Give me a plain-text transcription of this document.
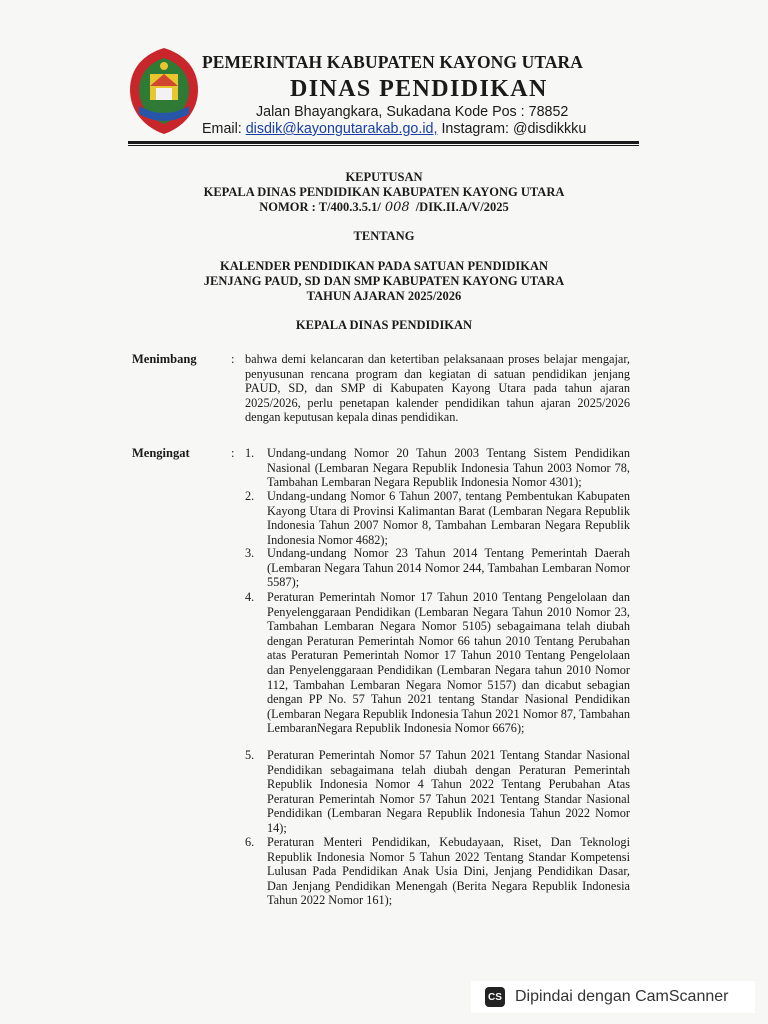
PEMERINTAH KABUPATEN KAYONG UTARA
DINAS PENDIDIKAN
Jalan Bhayangkara, Sukadana Kode Pos : 78852
Email: disdik@kayongutarakab.go.id, Instagram: @disdikkku
KEPUTUSAN
KEPALA DINAS PENDIDIKAN KABUPATEN KAYONG UTARA
NOMOR : T/400.3.5.1/ 008 /DIK.II.A/V/2025
TENTANG
KALENDER PENDIDIKAN PADA SATUAN PENDIDIKAN
JENJANG PAUD, SD DAN SMP KABUPATEN KAYONG UTARA
TAHUN AJARAN 2025/2026
KEPALA DINAS PENDIDIKAN
Menimbang	: bahwa demi kelancaran dan ketertiban pelaksanaan proses belajar mengajar, penyusunan rencana program dan kegiatan di satuan pendidikan jenjang PAUD, SD, dan SMP di Kabupaten Kayong Utara pada tahun ajaran 2025/2026, perlu penetapan kalender pendidikan tahun ajaran 2025/2026 dengan keputusan kepala dinas pendidikan.
Mengingat	: 1.	Undang-undang Nomor 20 Tahun 2003 Tentang Sistem Pendidikan Nasional (Lembaran Negara Republik Indonesia Tahun 2003 Nomor 78, Tambahan Lembaran Negara Republik Indonesia Nomor 4301);
2.	Undang-undang Nomor 6 Tahun 2007, tentang Pembentukan Kabupaten Kayong Utara di Provinsi Kalimantan Barat (Lembaran Negara Republik Indonesia Tahun 2007 Nomor 8, Tambahan Lembaran Negara Republik Indonesia Nomor 4682);
3.	Undang-undang Nomor 23 Tahun 2014 Tentang Pemerintah Daerah (Lembaran Negara Tahun 2014 Nomor 244, Tambahan Lembaran Nomor 5587);
4.	Peraturan Pemerintah Nomor 17 Tahun 2010 Tentang Pengelolaan dan Penyelenggaraan Pendidikan (Lembaran Negara Tahun 2010 Nomor 23, Tambahan Lembaran Negara Nomor 5105) sebagaimana telah diubah dengan Peraturan Pemerintah Nomor 66 tahun 2010 Tentang Perubahan atas Peraturan Pemerintah Nomor 17 Tahun 2010 Tentang Pengelolaan dan Penyelenggaraan Pendidikan (Lembaran Negara tahun 2010 Nomor 112, Tambahan Lembaran Negara Nomor 5157) dan dicabut sebagian dengan PP No. 57 Tahun 2021 tentang Standar Nasional Pendidikan (Lembaran Negara Republik Indonesia Tahun 2021 Nomor 87, Tambahan LembaranNegara Republik Indonesia Nomor 6676);
5.	Peraturan Pemerintah Nomor 57 Tahun 2021 Tentang Standar Nasional Pendidikan sebagaimana telah diubah dengan Peraturan Pemerintah Republik Indonesia Nomor 4 Tahun 2022 Tentang Perubahan Atas Peraturan Pemerintah Nomor 57 Tahun 2021 Tentang Standar Nasional Pendidikan (Lembaran Negara Republik Indonesia Tahun 2022 Nomor 14);
6.	Peraturan Menteri Pendidikan, Kebudayaan, Riset, Dan Teknologi Republik Indonesia Nomor 5 Tahun 2022 Tentang Standar Kompetensi Lulusan Pada Pendidikan Anak Usia Dini, Jenjang Pendidikan Dasar, Dan Jenjang Pendidikan Menengah (Berita Negara Republik Indonesia Tahun 2022 Nomor 161);
CS Dipindai dengan CamScanner
